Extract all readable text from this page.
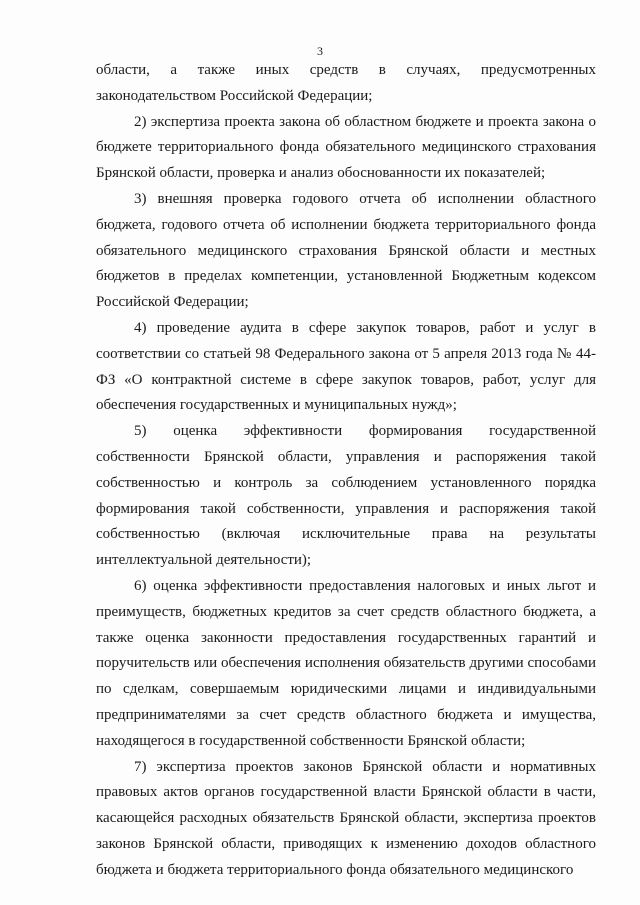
3

области, а также иных средств в случаях, предусмотренных законодательством Российской Федерации;

2) экспертиза проекта закона об областном бюджете и проекта закона о бюджете территориального фонда обязательного медицинского страхования Брянской области, проверка и анализ обоснованности их показателей;

3) внешняя проверка годового отчета об исполнении областного бюджета, годового отчета об исполнении бюджета территориального фонда обязательного медицинского страхования Брянской области и местных бюджетов в пределах компетенции, установленной Бюджетным кодексом Российской Федерации;

4) проведение аудита в сфере закупок товаров, работ и услуг в соответствии со статьей 98 Федерального закона от 5 апреля 2013 года № 44-ФЗ «О контрактной системе в сфере закупок товаров, работ, услуг для обеспечения государственных и муниципальных нужд»;

5) оценка эффективности формирования государственной собственности Брянской области, управления и распоряжения такой собственностью и контроль за соблюдением установленного порядка формирования такой собственности, управления и распоряжения такой собственностью (включая исключительные права на результаты интеллектуальной деятельности);

6) оценка эффективности предоставления налоговых и иных льгот и преимуществ, бюджетных кредитов за счет средств областного бюджета, а также оценка законности предоставления государственных гарантий и поручительств или обеспечения исполнения обязательств другими способами по сделкам, совершаемым юридическими лицами и индивидуальными предпринимателями за счет средств областного бюджета и имущества, находящегося в государственной собственности Брянской области;

7) экспертиза проектов законов Брянской области и нормативных правовых актов органов государственной власти Брянской области в части, касающейся расходных обязательств Брянской области, экспертиза проектов законов Брянской области, приводящих к изменению доходов областного бюджета и бюджета территориального фонда обязательного медицинского
